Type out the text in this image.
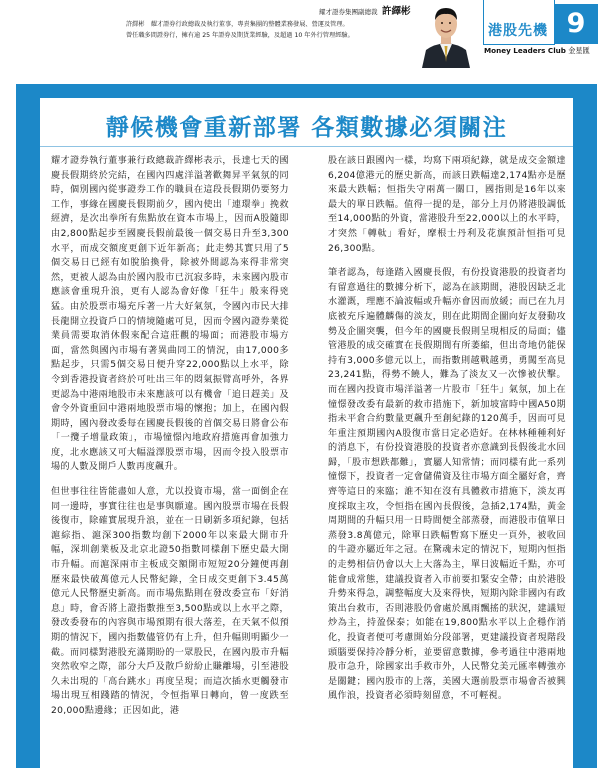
耀才證券集團副總裁 許繹彬
許繹彬　耀才證券行政總裁及執行董事，專責集團的整體業務發展、營運及管理。
曾任職多間證券行，擁有逾 25 年證券及期貨業經驗，及超過 10 年外行管理經驗。	港股先機 9
Money Leaders Club 金星匯
靜候機會重新部署 各類數據必須關注

耀才證券執行董事兼行政總裁許繹彬表示，長達七天的國慶長假期終於完結，在國內四處洋溢著歡舞昇平氣氛的同時，個別國內從事證券工作的職員在這段長假期仍要努力工作，事緣在國慶長假期前夕，國內使出「連環拳」挽救經濟，是次出拳所有焦點放在資本市場上，因而A股隨即由2,800點起步至國慶長假前最後一個交易日升至3,300水平，而成交額度更創下近年新高；此走勢其實只用了5個交易日已經有如脫胎換骨，除被外間認為來得非常突然，更被人認為由於國內股市已沉寂多時，未來國內股市應該會重現升浪，更有人認為會好像「狂牛」般來得兇猛。由於股票市場充斥著一片大好氣氛，令國內市民大排長龍開立投資戶口的情境隨處可見，因而令國內證券業從業員需要取消休假來配合這莊觀的場面；而港股市場方面，當然與國內市場有著異曲同工的情況，由17,000多點起步，只需5個交易日便升穿22,000點以上水平，除令到香港投資者終於可吐出三年的悶氣振臂高呼外，各界更認為中港兩地股市未來應該可以有機會「追日趕美」及會令外資重回中港兩地股票市場的懷抱；加上，在國內假期時，國內發改委每在國慶長假後的首個交易日將會公布「一攬子增量政策」，市場憧憬內地政府措施再會加強力度，北水應該又可大幅溢澤股票市場，因而令投入股票市場的人數及開戶人數再度飆升。

但世事往往皆能盡如人意，尤以投資市場，當一面倒企在同一邊時，事實往往也是事與願違。國內股票市場在長假後復市，除確實展現升浪，並在一日刷新多項紀錄，包括滬綜指、滬深300指數均創下2000年以來最大開市升幅，深圳創業板及北京北證50指數同樣創下歷史最大開市升幅。而滬深兩市主板成交額開市短短20分鐘便再創歷來最快破萬億元人民幣紀錄，全日成交更創下3.45萬億元人民幣歷史新高。而市場焦點則在發改委宣布「好消息」時，會否將上證指數推至3,500點或以上水平之際，發改委發布的內容與市場預期有很大落差，在天氣不似預期的情況下，國內指數儘管仍有上升，但升幅則明顯少一截。而同樣對港股充滿期盼的一眾股民，在國內股市升幅突然收窄之際，部分大戶及散戶紛紛止賺離場，引至港股久未出現的「高台跳水」再度呈現；而這次插水更觸發市場出現互相踐踏的情況，令恒指單日轉向，曾一度跌至20,000點邊緣；正因如此，港

股在該日跟國內一樣，均寫下兩項紀錄，就是成交金額達6,204億港元的歷史新高，而該日跌幅達2,174點亦是歷來最大跌幅；恒指失守兩萬一關口，國指則是16年以來最大的單日跌幅。值得一提的是，部分上月仍將港股調低至14,000點的外資，當港股升至22,000以上的水平時，才突然「轉軚」看好，摩根士丹利及花旗預計恒指可見26,300點。

筆者認為，每逢踏入國慶長假，有份投資港股的投資者均有留意過往的數據分析下，認為在該期間，港股因缺乏北水灌溉，理應不論波幅或升幅亦會因而放緩；而已在九月底被充斥遍體麟傷的淡友，則在此期間企圖向好友發動攻勢及企圖突襲，但今年的國慶長假則呈現相反的局面；儘管港股的成交確實在長假期間有所萎縮，但出奇地仍能保持有3,000多億元以上，而指數則越戰越勇，勇闖至高見23,241點，得勢不饒人，難為了淡友又一次慘被伏擊。而在國內投資市場洋溢著一片股市「狂牛」氣氛，加上在憧憬發改委有最新的救市措施下，新加坡富時中國A50期指未平倉合約數量更飆升至創紀錄的120萬手，因而可見年重注預期國內A股復市當日定必造好。在林林種種利好的消息下，有份投資港股的投資者亦意識到長假後北水回歸，「股市想跌都難」，實屬人知常情；而同樣有此一系列憧憬下，投資者一定會儲備資及往市場方面全屬好倉，齊齊等這日的來臨；誰不知在沒有具體救市措施下，淡友再度採取主攻，令恒指在國內長假後，急插2,174點，黃金周期間的升幅只用一日時間便全部蒸發，而港股市值單日蒸發3.8萬億元，除單日跌幅暫寫下歷史一頁外，被收回的牛證亦屬近年之冠。在驚魂未定的情況下，短期內恒指的走勢相信仍會以大上大落為主，單日波幅近千點，亦可能會成常態，建議投資者入市前要扣緊安全帶；由於港股升勢來得急，調整幅度大及來得快，短期內除非國內有政策出台救市，否則港股仍會處於風雨飄搖的狀況，建議短炒為主，持盈保泰；如能在19,800點水平以上企穩作消化，投資者便可考慮開始分段部署，更建議投資者現階段頭腦要保持冷靜分析，並要留意數據，參考過往中港兩地股市急升，除國家出手救市外，人民幣兌美元匯率轉強亦是關鍵；國內股市的上落，美國大選前股票市場會否被興風作浪，投資者必須時刻留意，不可輕視。
